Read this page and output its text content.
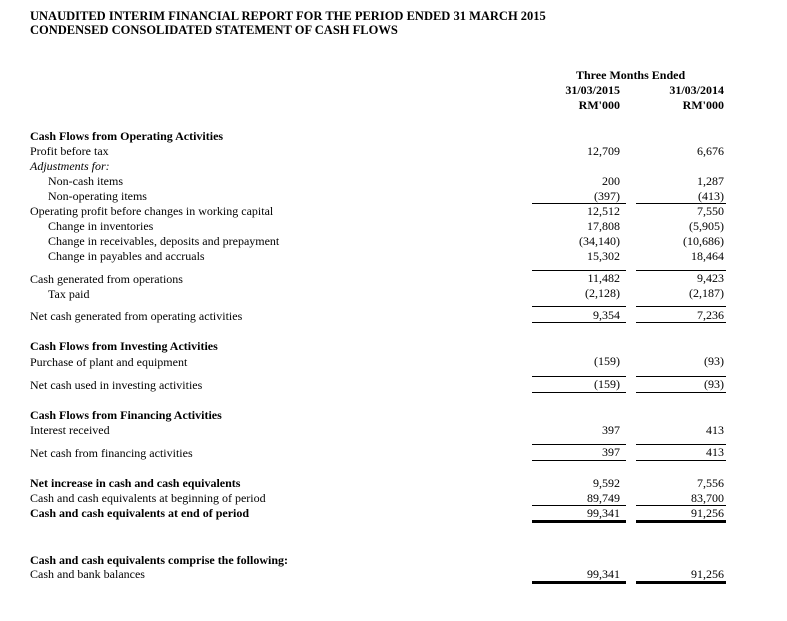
UNAUDITED INTERIM FINANCIAL REPORT FOR THE PERIOD ENDED 31 MARCH 2015
CONDENSED CONSOLIDATED STATEMENT OF CASH FLOWS
Three Months Ended
31/03/2015	31/03/2014
RM'000	RM'000
Cash Flows from Operating Activities
Profit before tax	12,709	6,676
Adjustments for:
Non-cash items	200	1,287
Non-operating items	(397)	(413)
Operating profit before changes in working capital	12,512	7,550
Change in inventories	17,808	(5,905)
Change in receivables, deposits and prepayment	(34,140)	(10,686)
Change in payables and accruals	15,302	18,464
Cash generated from operations	11,482	9,423
Tax paid	(2,128)	(2,187)
Net cash generated from operating activities	9,354	7,236
Cash Flows from Investing Activities
Purchase of plant and equipment	(159)	(93)
Net cash used in investing activities	(159)	(93)
Cash Flows from Financing Activities
Interest received	397	413
Net cash from financing activities	397	413
Net increase in cash and cash equivalents	9,592	7,556
Cash and cash equivalents at beginning of period	89,749	83,700
Cash and cash equivalents at end of period	99,341	91,256
Cash and cash equivalents comprise the following:
Cash and bank balances	99,341	91,256
